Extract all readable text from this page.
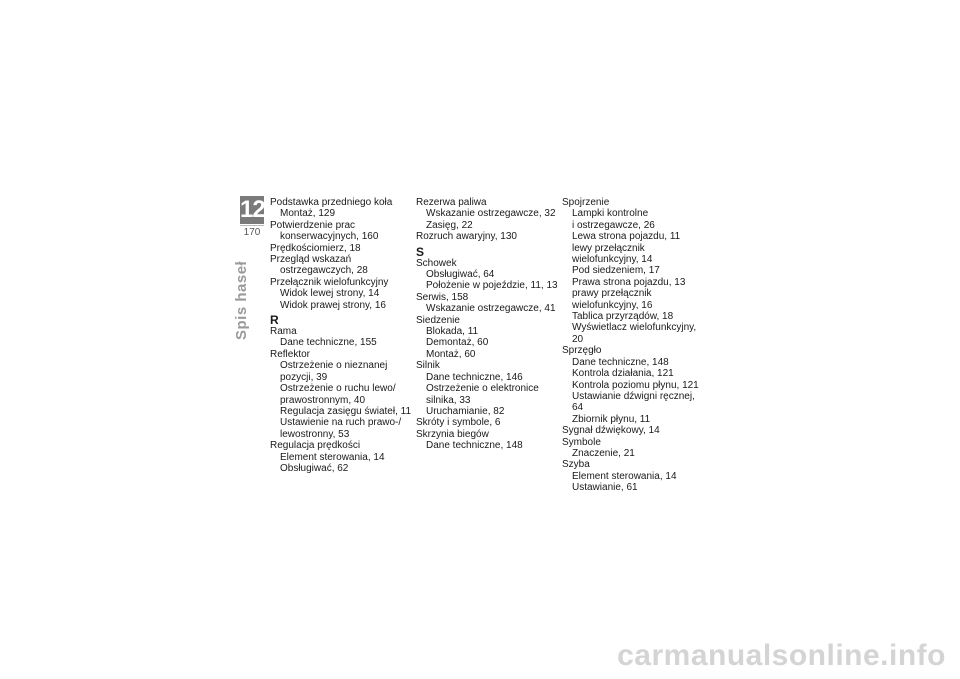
12
170
Spis haseł
Podstawka przedniego koła
Montaż, 129
Potwierdzenie prac
konserwacyjnych, 160
Prędkościomierz, 18
Przegląd wskazań
ostrzegawczych, 28
Przełącznik wielofunkcyjny
Widok lewej strony, 14
Widok prawej strony, 16
R
Rama
Dane techniczne, 155
Reflektor
Ostrzeżenie o nieznanej
pozycji, 39
Ostrzeżenie o ruchu lewo/
prawostronnym, 40
Regulacja zasięgu świateł, 11
Ustawienie na ruch prawo-/
lewostronny, 53
Regulacja prędkości
Element sterowania, 14
Obsługiwać, 62
Rezerwa paliwa
Wskazanie ostrzegawcze, 32
Zasięg, 22
Rozruch awaryjny, 130
S
Schowek
Obsługiwać, 64
Położenie w pojeździe, 11, 13
Serwis, 158
Wskazanie ostrzegawcze, 41
Siedzenie
Blokada, 11
Demontaż, 60
Montaż, 60
Silnik
Dane techniczne, 146
Ostrzeżenie o elektronice
silnika, 33
Uruchamianie, 82
Skróty i symbole, 6
Skrzynia biegów
Dane techniczne, 148
Spojrzenie
Lampki kontrolne
i ostrzegawcze, 26
Lewa strona pojazdu, 11
lewy przełącznik
wielofunkcyjny, 14
Pod siedzeniem, 17
Prawa strona pojazdu, 13
prawy przełącznik
wielofunkcyjny, 16
Tablica przyrządów, 18
Wyświetlacz wielofunkcyjny, 20
Sprzęgło
Dane techniczne, 148
Kontrola działania, 121
Kontrola poziomu płynu, 121
Ustawianie dźwigni ręcznej, 64
Zbiornik płynu, 11
Sygnał dźwiękowy, 14
Symbole
Znaczenie, 21
Szyba
Element sterowania, 14
Ustawianie, 61
carmanualsonline.info
